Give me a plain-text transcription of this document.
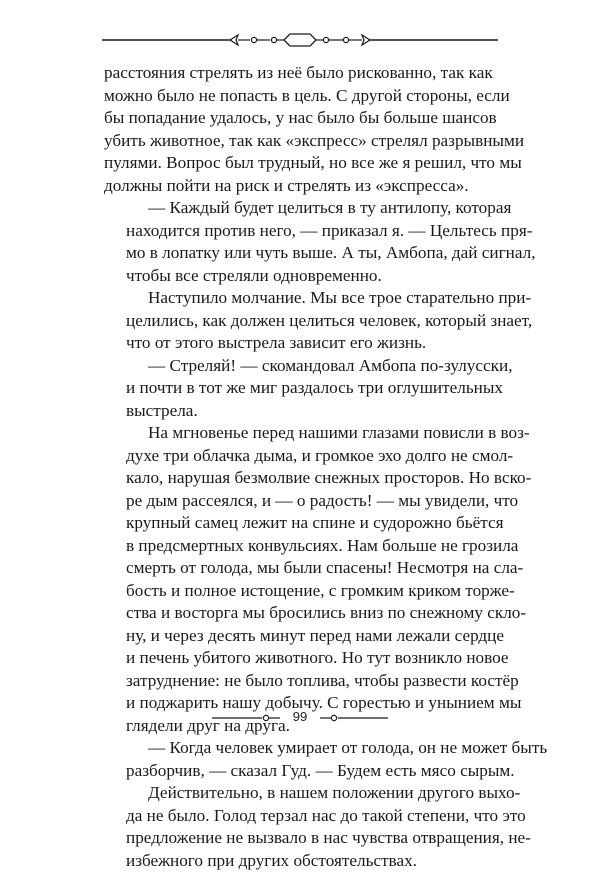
расстояния стрелять из неё было рискованно, так как
можно было не попасть в цель. С другой стороны, если
бы попадание удалось, у нас было бы больше шансов
убить животное, так как «экспресс» стрелял разрывными
пулями. Вопрос был трудный, но все же я решил, что мы
должны пойти на риск и стрелять из «экспресса».
— Каждый будет целиться в ту антилопу, которая
находится против него, — приказал я. — Цельтесь пря-
мо в лопатку или чуть выше. А ты, Амбопа, дай сигнал,
чтобы все стреляли одновременно.
Наступило молчание. Мы все трое старательно при-
целились, как должен целиться человек, который знает,
что от этого выстрела зависит его жизнь.
— Стреляй! — скомандовал Амбопа по-зулусски,
и почти в тот же миг раздалось три оглушительных
выстрела.
На мгновенье перед нашими глазами повисли в воз-
духе три облачка дыма, и громкое эхо долго не смол-
кало, нарушая безмолвие снежных просторов. Но вско-
ре дым рассеялся, и — о радость! — мы увидели, что
крупный самец лежит на спине и судорожно бьётся
в предсмертных конвульсиях. Нам больше не грозила
смерть от голода, мы были спасены! Несмотря на сла-
бость и полное истощение, с громким криком торже-
ства и восторга мы бросились вниз по снежному скло-
ну, и через десять минут перед нами лежали сердце
и печень убитого животного. Но тут возникло новое
затруднение: не было топлива, чтобы развести костёр
и поджарить нашу добычу. С горестью и унынием мы
глядели друг на друга.
— Когда человек умирает от голода, он не может быть
разборчив, — сказал Гуд. — Будем есть мясо сырым.
Действительно, в нашем положении другого выхо-
да не было. Голод терзал нас до такой степени, что это
предложение не вызвало в нас чувства отвращения, не-
избежного при других обстоятельствах.
99
